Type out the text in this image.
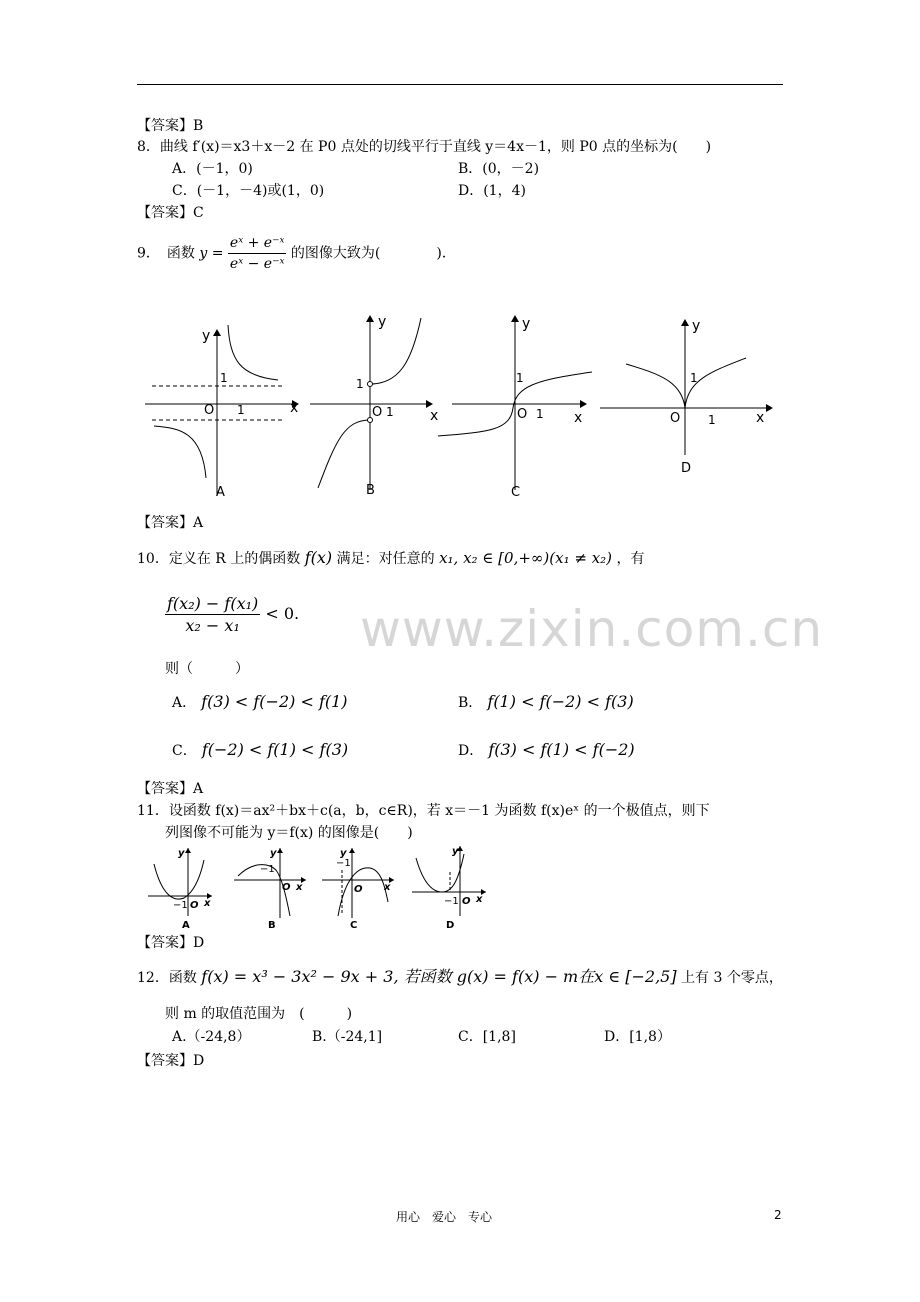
www.zixin.com.cn
【答案】B
8．曲线 f′(x)＝x3＋x－2 在 P0 点处的切线平行于直线 y＝4x－1，则 P0 点的坐标为(　　)
A．(－1，0)	B．(0，－2)
C．(－1，－4)或(1，0)	D．(1，4)
【答案】C
9．　函数 $y = \frac{\text{eˣ + e⁻ˣ}}{\text{eˣ − e⁻ˣ}}$ 的图像大致为(　　　　)．
y
x
O
1
1
A
y
x
O 1
1
B
y
x
O 1
1
C
y
x
O 1
1
D
【答案】A
10．定义在 R 上的偶函数 f(x) 满足：对任意的 x₁, x₂ ∈ [0,+∞)(x₁ ≠ x₂) ，有
$\frac{\text{f(x₂) − f(x₁)}}{\text{x₂ − x₁}} < 0$.
则（　　　）
A． f(3) < f(−2) < f(1)	B． f(1) < f(−2) < f(3)
C． f(−2) < f(1) < f(3)	D． f(3) < f(1) < f(−2)
【答案】A
11．设函数 f(x)＝ax²＋bx＋c(a，b，c∈R)，若 x＝－1 为函数 f(x)eˣ 的一个极值点，则下
列图像不可能为 y＝f(x) 的图像是(　　)
y
x
−1 O
A
y
−1
O x
B
y
−1
O x
C
y
−1 O x
D
【答案】D
12．函数 f(x) = x³ − 3x² − 9x + 3, 若函数 g(x) = f(x) − m在x ∈ [−2,5] 上有 3 个零点，
则 m 的取值范围为　(　　　)
A.（-24,8）	B.（-24,1]	C．[1,8]	D．[1,8）
【答案】D
用心　爱心　专心	2
